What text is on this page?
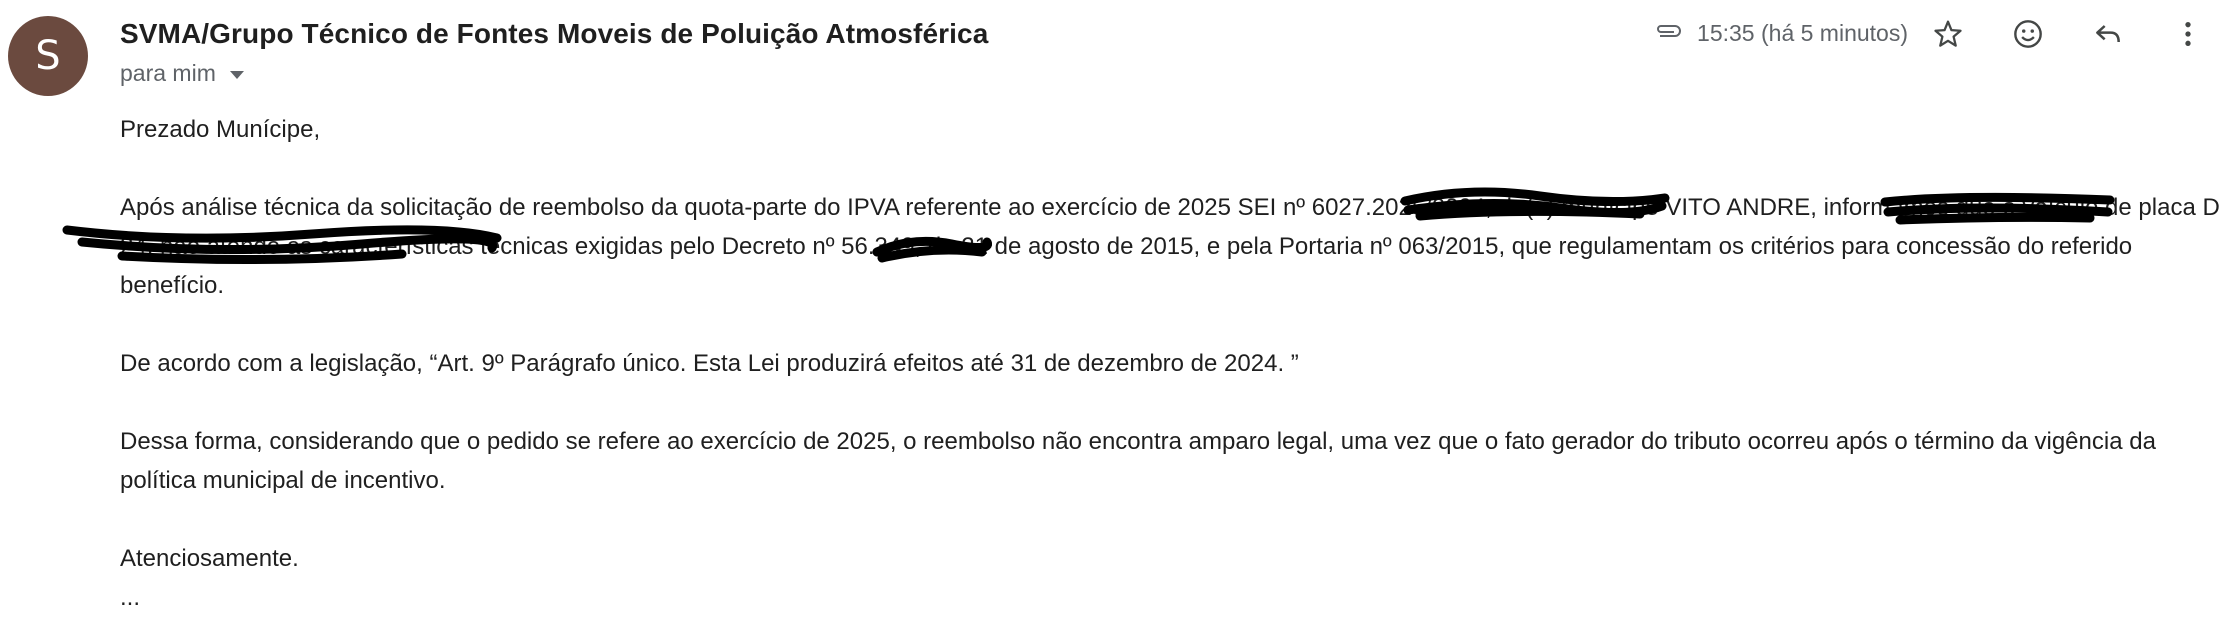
S	SVMA/Grupo Técnico de Fontes Moveis de Poluição Atmosférica
para mim
15:35 (há 5 minutos)

Prezado Munícipe,

Após análise técnica da solicitação de reembolso da quota-parte do IPVA referente ao exercício de 2025 SEI nº 6027.2025/0004, do(a) munícipe VITO ANDRE, informamos que o veículo de placa D 24, não atende às características técnicas exigidas pelo Decreto nº 56.349, de 21 de agosto de 2015, e pela Portaria nº 063/2015, que regulamentam os critérios para concessão do referido benefício.

De acordo com a legislação, “Art. 9º Parágrafo único. Esta Lei produzirá efeitos até 31 de dezembro de 2024. ”

Dessa forma, considerando que o pedido se refere ao exercício de 2025, o reembolso não encontra amparo legal, uma vez que o fato gerador do tributo ocorreu após o término da vigência da política municipal de incentivo.

Atenciosamente.

...
